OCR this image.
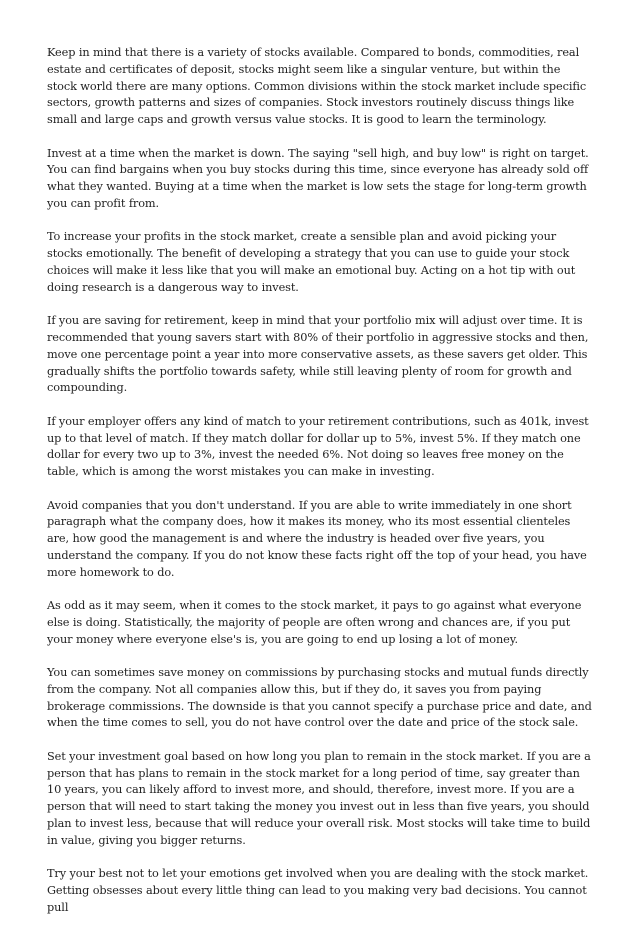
Keep in mind that there is a variety of stocks available. Compared to bonds, commodities, real estate and certificates of deposit, stocks might seem like a singular venture, but within the stock world there are many options. Common divisions within the stock market include specific sectors, growth patterns and sizes of companies. Stock investors routinely discuss things like small and large caps and growth versus value stocks. It is good to learn the terminology.

Invest at a time when the market is down. The saying "sell high, and buy low" is right on target. You can find bargains when you buy stocks during this time, since everyone has already sold off what they wanted. Buying at a time when the market is low sets the stage for long-term growth you can profit from.

To increase your profits in the stock market, create a sensible plan and avoid picking your stocks emotionally. The benefit of developing a strategy that you can use to guide your stock choices will make it less like that you will make an emotional buy. Acting on a hot tip with out doing research is a dangerous way to invest.

If you are saving for retirement, keep in mind that your portfolio mix will adjust over time. It is recommended that young savers start with 80% of their portfolio in aggressive stocks and then, move one percentage point a year into more conservative assets, as these savers get older. This gradually shifts the portfolio towards safety, while still leaving plenty of room for growth and compounding.

If your employer offers any kind of match to your retirement contributions, such as 401k, invest up to that level of match. If they match dollar for dollar up to 5%, invest 5%. If they match one dollar for every two up to 3%, invest the needed 6%. Not doing so leaves free money on the table, which is among the worst mistakes you can make in investing.

Avoid companies that you don't understand. If you are able to write immediately in one short paragraph what the company does, how it makes its money, who its most essential clienteles are, how good the management is and where the industry is headed over five years, you understand the company. If you do not know these facts right off the top of your head, you have more homework to do.

As odd as it may seem, when it comes to the stock market, it pays to go against what everyone else is doing. Statistically, the majority of people are often wrong and chances are, if you put your money where everyone else's is, you are going to end up losing a lot of money.

You can sometimes save money on commissions by purchasing stocks and mutual funds directly from the company. Not all companies allow this, but if they do, it saves you from paying brokerage commissions. The downside is that you cannot specify a purchase price and date, and when the time comes to sell, you do not have control over the date and price of the stock sale.

Set your investment goal based on how long you plan to remain in the stock market. If you are a person that has plans to remain in the stock market for a long period of time, say greater than 10 years, you can likely afford to invest more, and should, therefore, invest more. If you are a person that will need to start taking the money you invest out in less than five years, you should plan to invest less, because that will reduce your overall risk. Most stocks will take time to build in value, giving you bigger returns.

Try your best not to let your emotions get involved when you are dealing with the stock market. Getting obsesses about every little thing can lead to you making very bad decisions. You cannot pull
